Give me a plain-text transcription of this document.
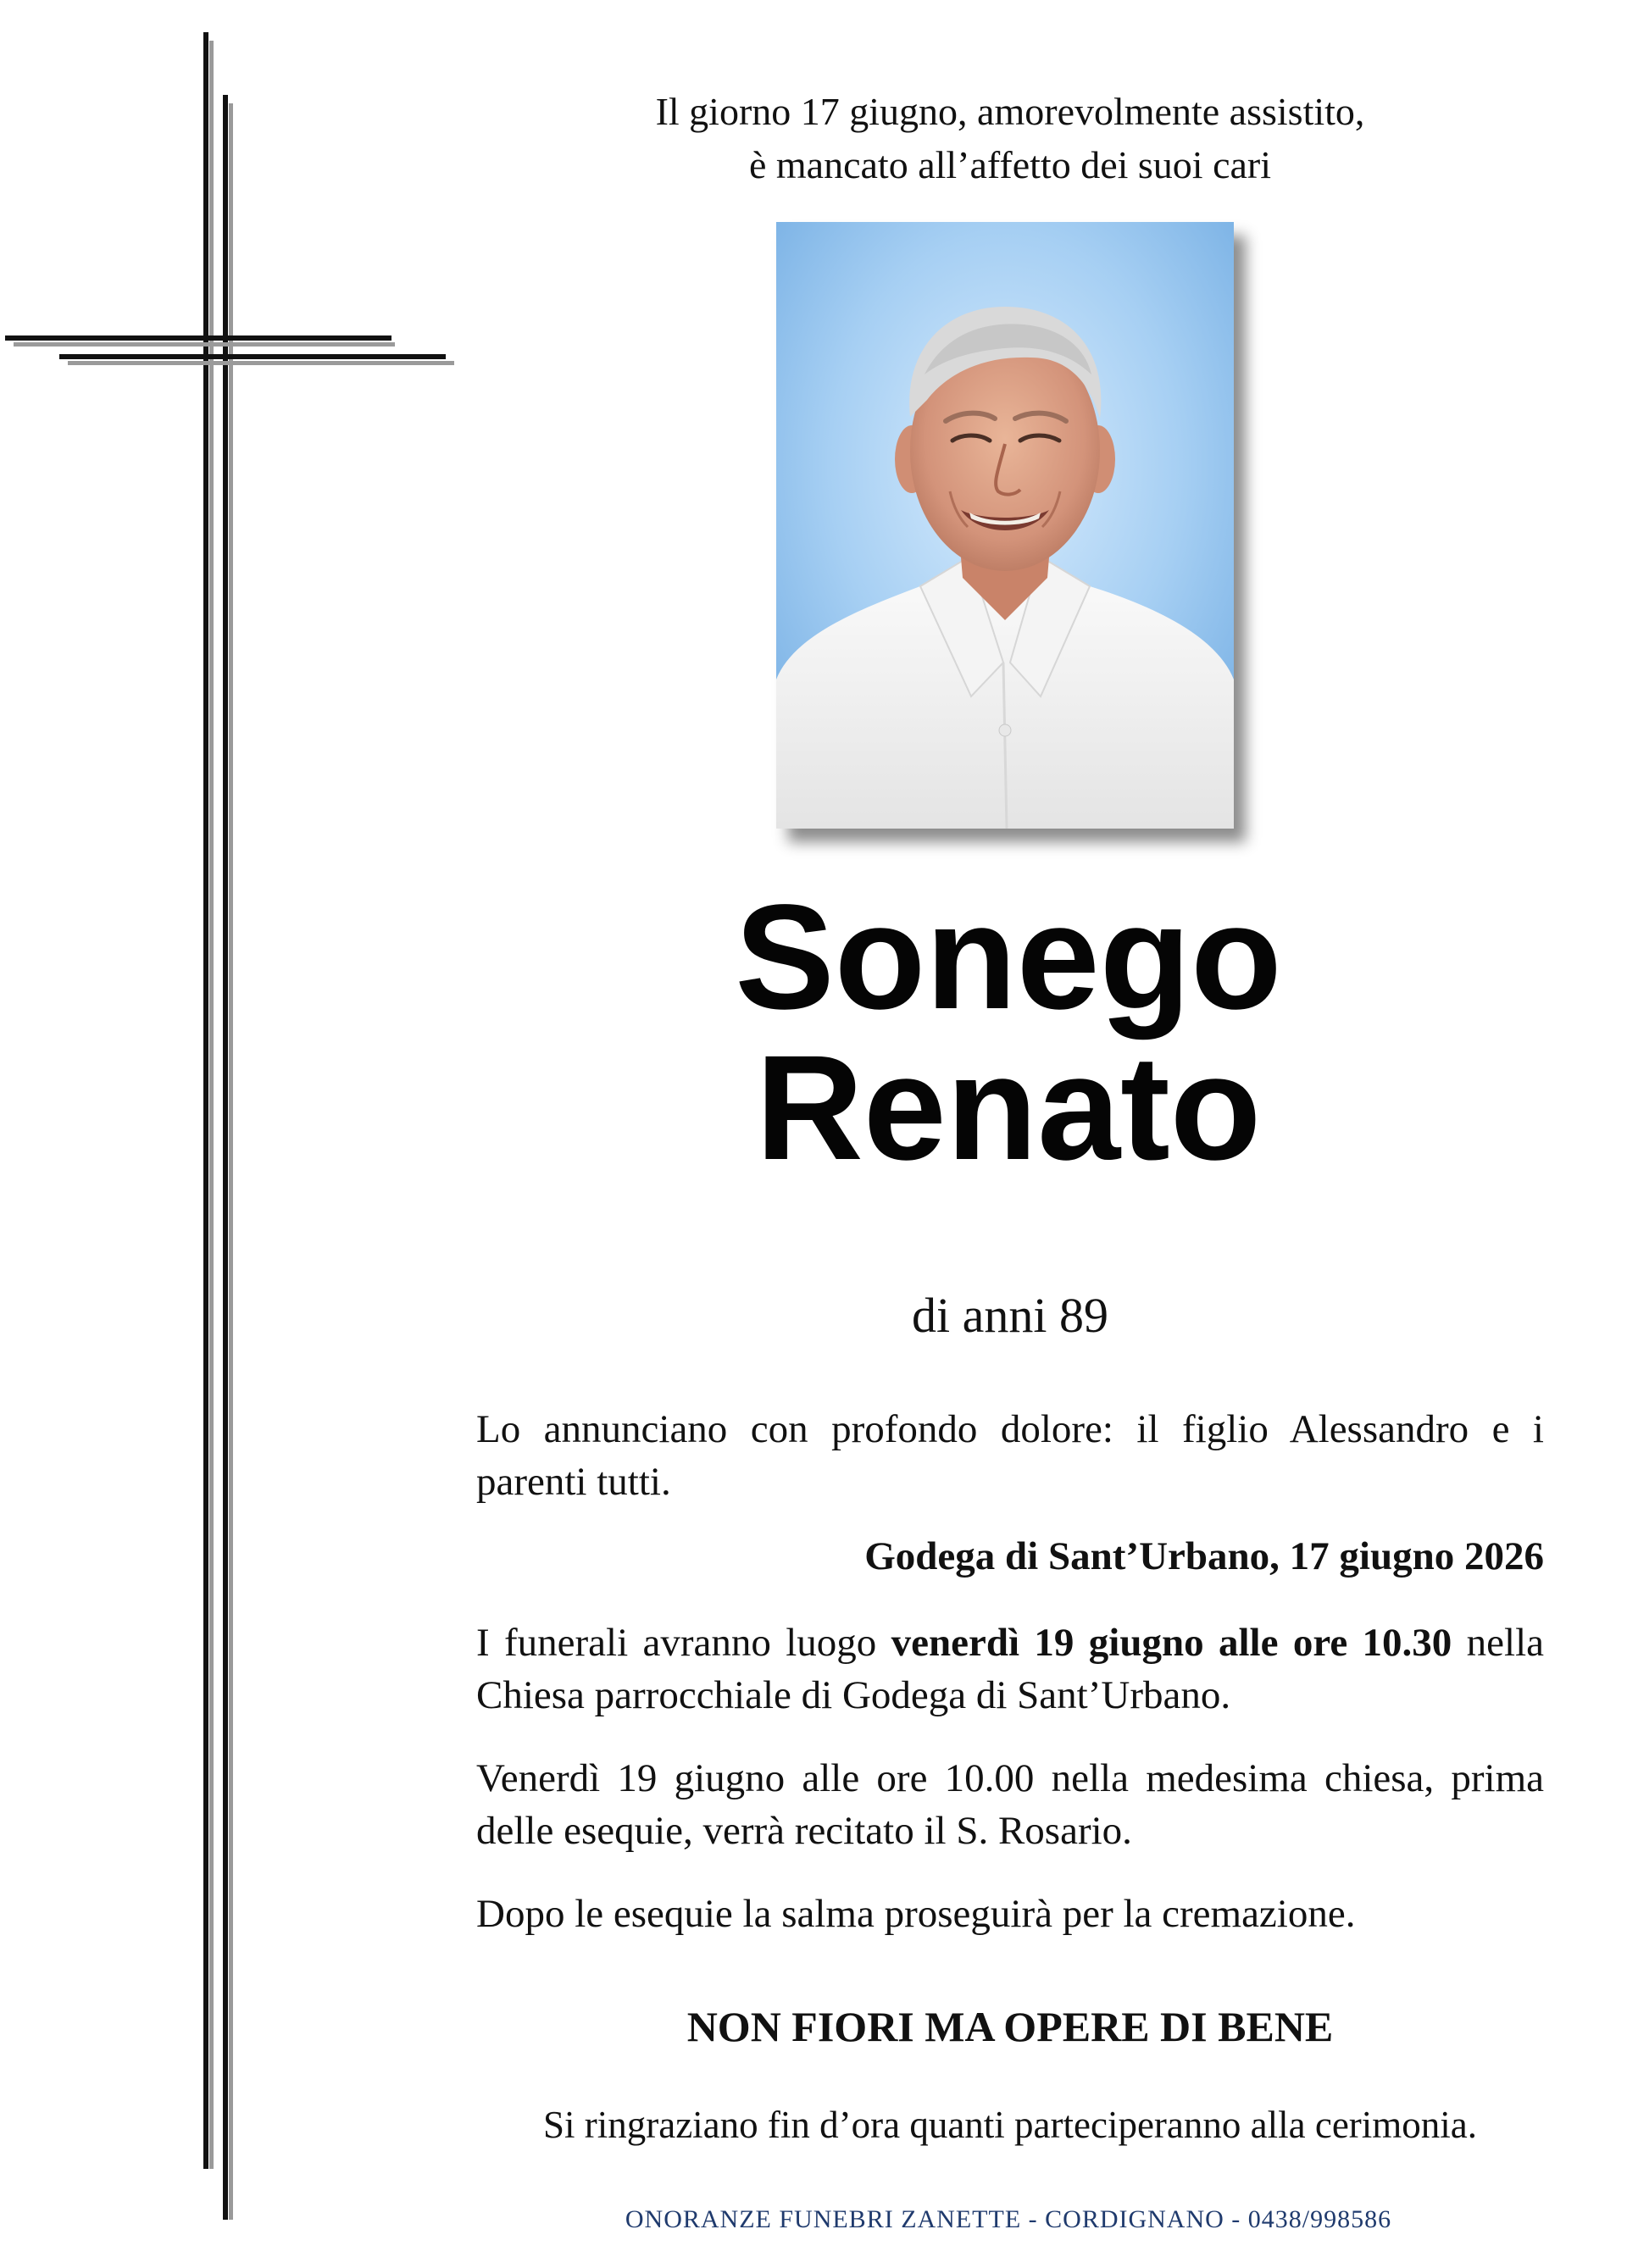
Il giorno 17 giugno, amorevolmente assistito,
è mancato all’affetto dei suoi cari
Sonego
Renato
di anni 89
Lo annunciano con profondo dolore: il figlio Alessandro e i parenti tutti.
Godega di Sant’Urbano, 17 giugno 2026
I funerali avranno luogo venerdì 19 giugno alle ore 10.30 nella Chiesa parrocchiale di Godega di Sant’Urbano.
Venerdì 19 giugno alle ore 10.00 nella medesima chiesa, prima delle esequie, verrà recitato il S. Rosario.
Dopo le esequie la salma proseguirà per la cremazione.
NON FIORI MA OPERE DI BENE
Si ringraziano fin d’ora quanti parteciperanno alla cerimonia.
ONORANZE FUNEBRI ZANETTE - CORDIGNANO - 0438/998586
